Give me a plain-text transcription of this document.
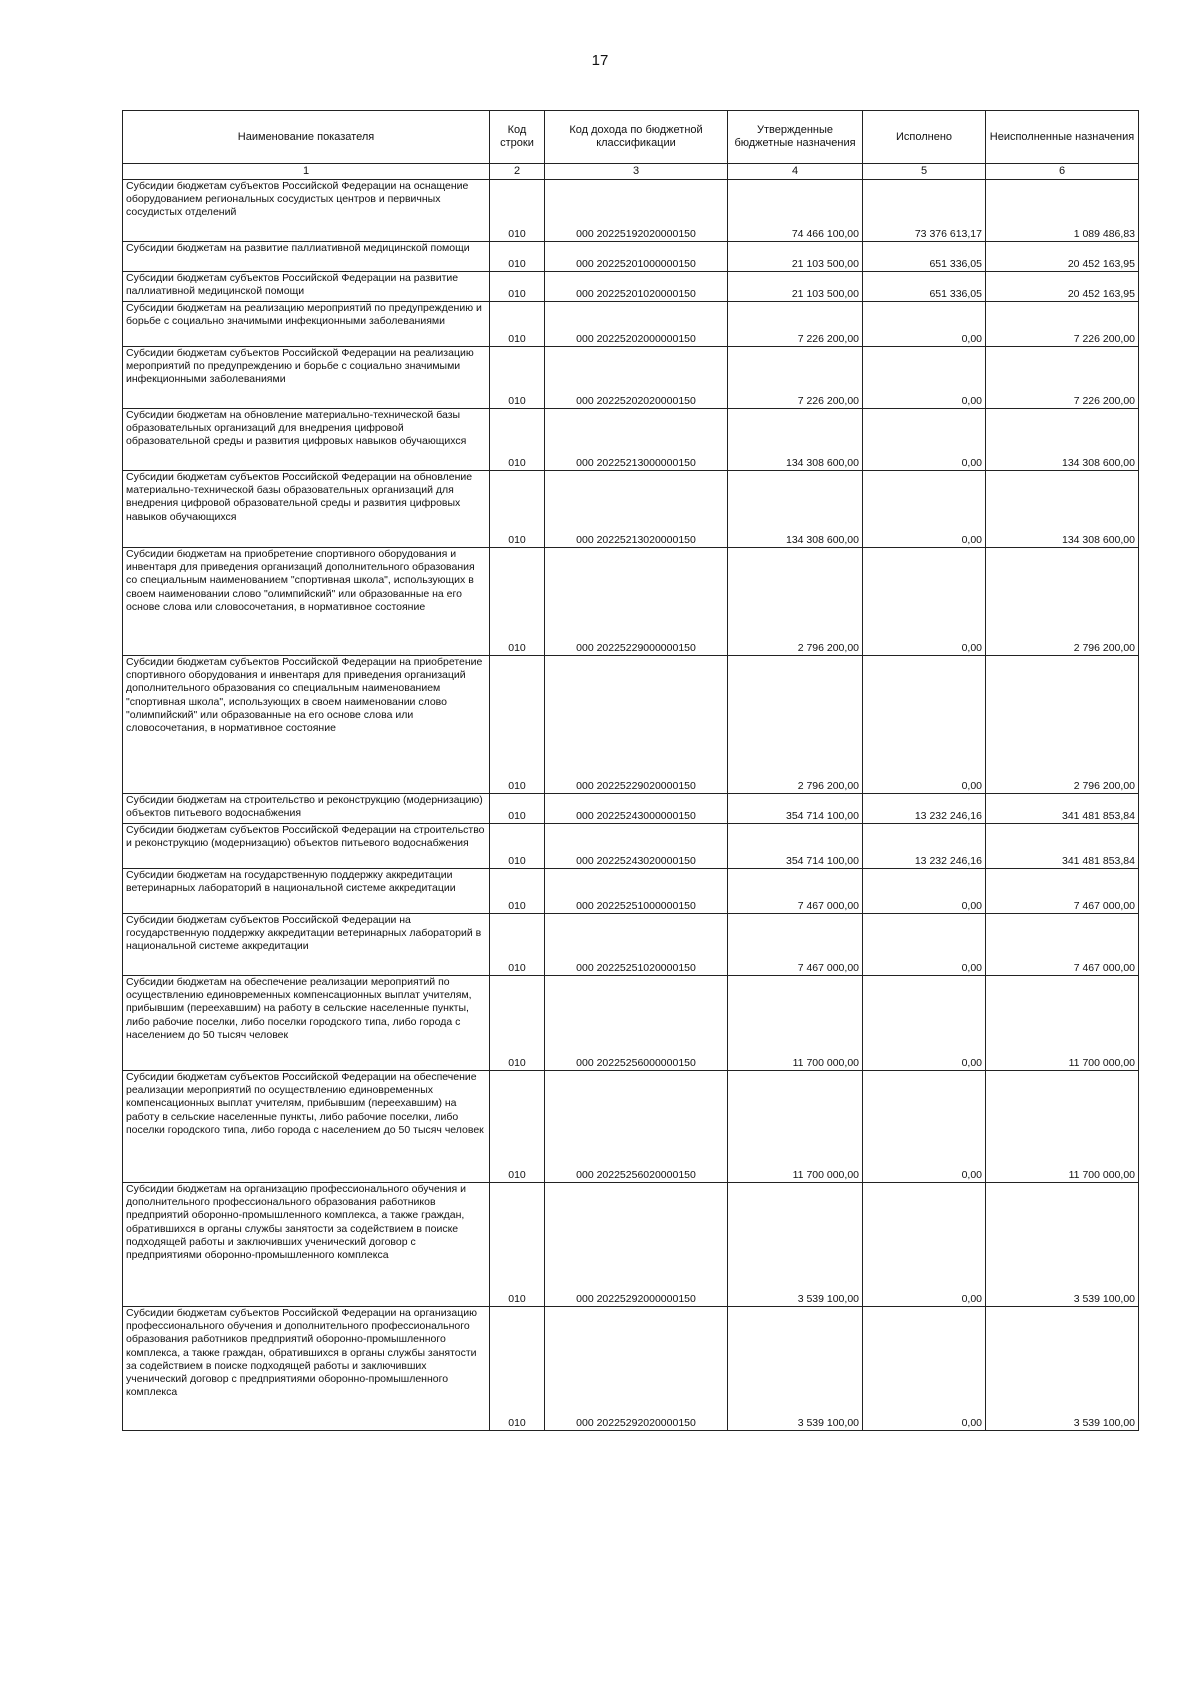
17
Наименование показателя	Код строки	Код дохода по бюджетной классификации	Утвержденные бюджетные назначения	Исполнено	Неисполненные назначения
1	2	3	4	5	6
Субсидии бюджетам субъектов Российской Федерации на оснащение оборудованием региональных сосудистых центров и первичных сосудистых отделений	010	000 20225192020000150	74 466 100,00	73 376 613,17	1 089 486,83
Субсидии бюджетам на развитие паллиативной медицинской помощи	010	000 20225201000000150	21 103 500,00	651 336,05	20 452 163,95
Субсидии бюджетам субъектов Российской Федерации на развитие паллиативной медицинской помощи	010	000 20225201020000150	21 103 500,00	651 336,05	20 452 163,95
Субсидии бюджетам на реализацию мероприятий по предупреждению и борьбе с социально значимыми инфекционными заболеваниями	010	000 20225202000000150	7 226 200,00	0,00	7 226 200,00
Субсидии бюджетам субъектов Российской Федерации на реализацию мероприятий по предупреждению и борьбе с социально значимыми инфекционными заболеваниями	010	000 20225202020000150	7 226 200,00	0,00	7 226 200,00
Субсидии бюджетам на обновление материально-технической базы образовательных организаций для внедрения цифровой образовательной среды и развития цифровых навыков обучающихся	010	000 20225213000000150	134 308 600,00	0,00	134 308 600,00
Субсидии бюджетам субъектов Российской Федерации на обновление материально-технической базы образовательных организаций для внедрения цифровой образовательной среды и развития цифровых навыков обучающихся	010	000 20225213020000150	134 308 600,00	0,00	134 308 600,00
Субсидии бюджетам на приобретение спортивного оборудования и инвентаря для приведения организаций дополнительного образования со специальным наименованием "спортивная школа", использующих в своем наименовании слово "олимпийский" или образованные на его основе слова или словосочетания, в нормативное состояние	010	000 20225229000000150	2 796 200,00	0,00	2 796 200,00
Субсидии бюджетам субъектов Российской Федерации на приобретение спортивного оборудования и инвентаря для приведения организаций дополнительного образования со специальным наименованием "спортивная школа", использующих в своем наименовании слово "олимпийский" или образованные на его основе слова или словосочетания, в нормативное состояние	010	000 20225229020000150	2 796 200,00	0,00	2 796 200,00
Субсидии бюджетам на строительство и реконструкцию (модернизацию) объектов питьевого водоснабжения	010	000 20225243000000150	354 714 100,00	13 232 246,16	341 481 853,84
Субсидии бюджетам субъектов Российской Федерации на строительство и реконструкцию (модернизацию) объектов питьевого водоснабжения	010	000 20225243020000150	354 714 100,00	13 232 246,16	341 481 853,84
Субсидии бюджетам на государственную поддержку аккредитации ветеринарных лабораторий в национальной системе аккредитации	010	000 20225251000000150	7 467 000,00	0,00	7 467 000,00
Субсидии бюджетам субъектов Российской Федерации на государственную поддержку аккредитации ветеринарных лабораторий в национальной системе аккредитации	010	000 20225251020000150	7 467 000,00	0,00	7 467 000,00
Субсидии бюджетам на обеспечение реализации мероприятий по осуществлению единовременных компенсационных выплат учителям, прибывшим (переехавшим) на работу в сельские населенные пункты, либо рабочие поселки, либо поселки городского типа, либо города с населением до 50 тысяч человек	010	000 20225256000000150	11 700 000,00	0,00	11 700 000,00
Субсидии бюджетам субъектов Российской Федерации на обеспечение реализации мероприятий по осуществлению единовременных компенсационных выплат учителям, прибывшим (переехавшим) на работу в сельские населенные пункты, либо рабочие поселки, либо поселки городского типа, либо города с населением до 50 тысяч человек	010	000 20225256020000150	11 700 000,00	0,00	11 700 000,00
Субсидии бюджетам на организацию профессионального обучения и дополнительного профессионального образования работников предприятий оборонно-промышленного комплекса, а также граждан, обратившихся в органы службы занятости за содействием в поиске подходящей работы и заключивших ученический договор с предприятиями оборонно-промышленного комплекса	010	000 20225292000000150	3 539 100,00	0,00	3 539 100,00
Субсидии бюджетам субъектов Российской Федерации на организацию профессионального обучения и дополнительного профессионального образования работников предприятий оборонно-промышленного комплекса, а также граждан, обратившихся в органы службы занятости за содействием в поиске подходящей работы и заключивших ученический договор с предприятиями оборонно-промышленного комплекса	010	000 20225292020000150	3 539 100,00	0,00	3 539 100,00
